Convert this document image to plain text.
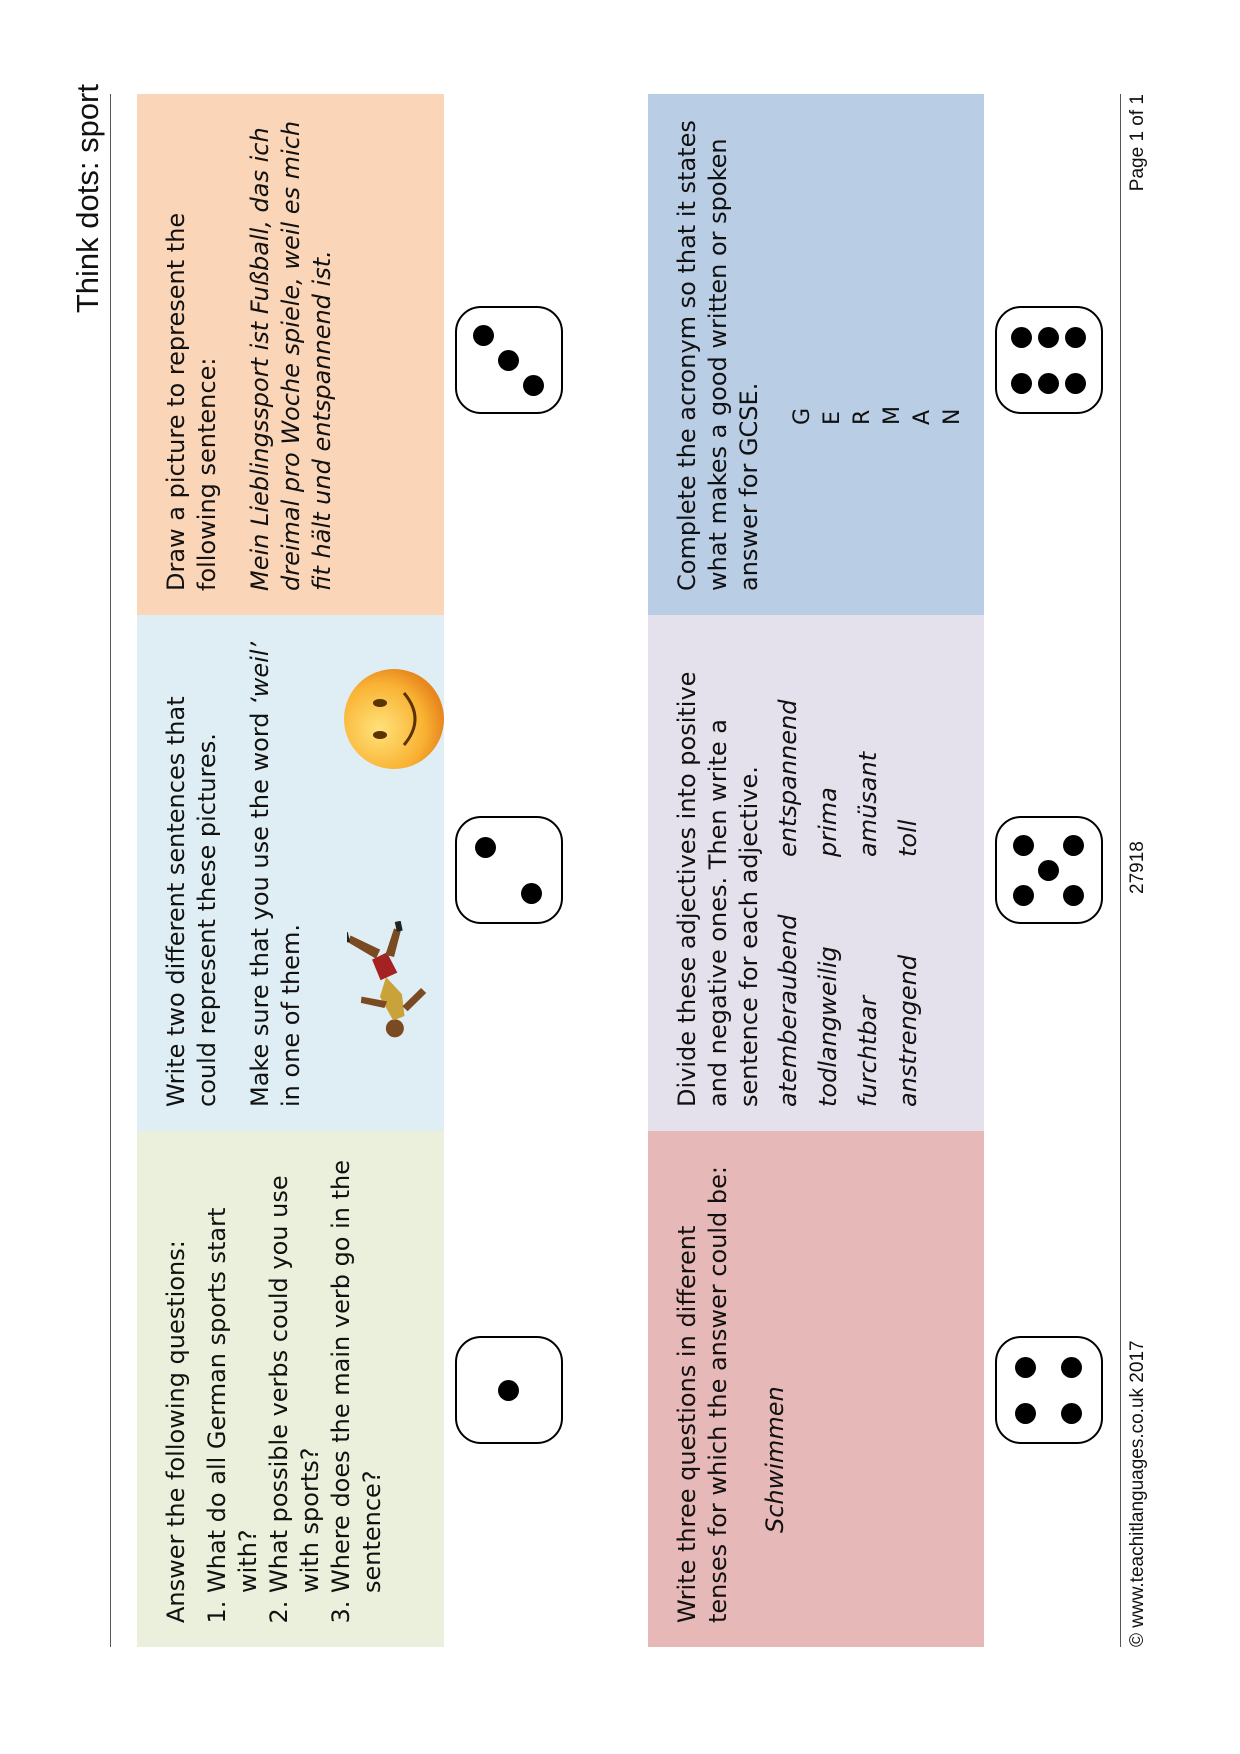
Think dots: sport

Answer the following questions: 1. What do all German sports start with? 2. What possible verbs could you use with sports? 3. Where does the main verb go in the sentence?

Write two different sentences that could represent these pictures. Make sure that you use the word ‘weil’ in one of them.

Draw a picture to represent the following sentence: Mein Lieblingssport ist Fußball, das ich dreimal pro Woche spiele, weil es mich fit hält und entspannend ist.

Write three questions in different tenses for which the answer could be: Schwimmen

Divide these adjectives into positive and negative ones. Then write a sentence for each adjective. atemberaubend todlangweilig furchtbar anstrengend
entspannend prima amüsant toll

Complete the acronym so that it states what makes a good written or spoken answer for GCSE. G E R M A N
© www.teachitlanguages.co.uk 2017
27918
Page 1 of 1
